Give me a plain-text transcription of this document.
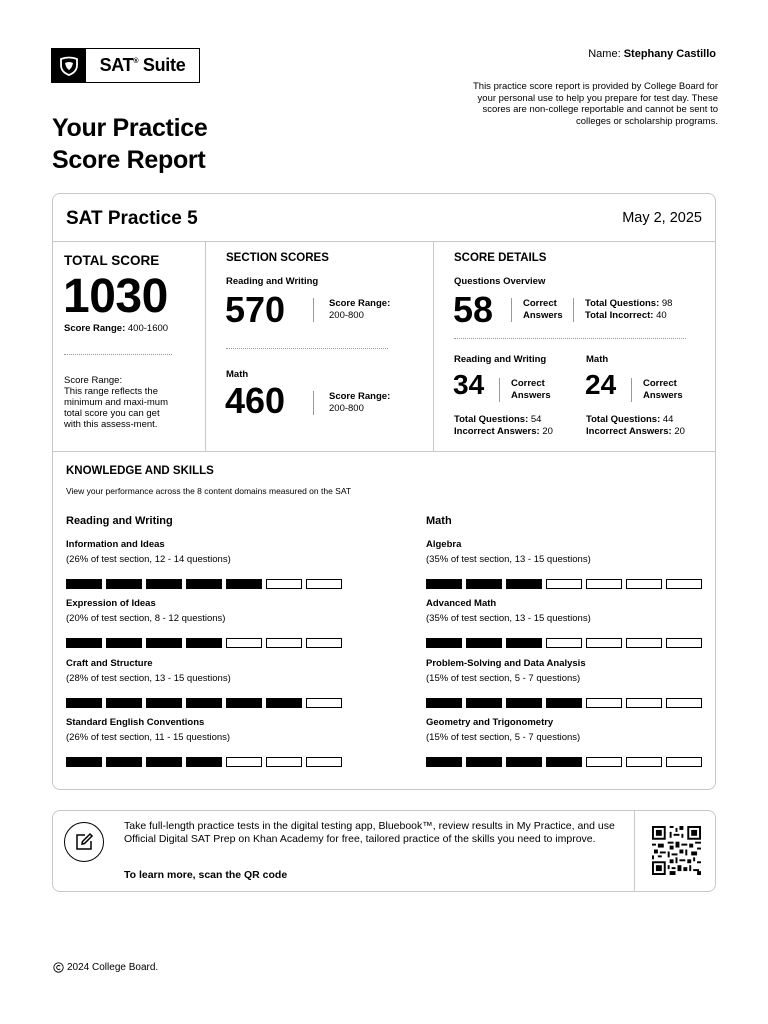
SAT®
Suite
Name: Stephany Castillo
This practice score report is provided by College Board for your personal use to help you prepare for test day. These scores are non-college reportable and cannot be sent to colleges or scholarship programs.
Your Practice
Score Report
SAT Practice 5	May 2, 2025
TOTAL SCORE
1030
Score Range: 400-1600
Score Range:
This range reflects the minimum and maxi-mum total score you can get with this assess-ment.
SECTION SCORES
Reading and Writing
570	Score Range:
200-800
Math
460	Score Range:
200-800
SCORE DETAILS
Questions Overview
58	Correct
Answers
Total Questions: 98
Total Incorrect: 40
Reading and Writing
34	Correct
Answers
Total Questions: 54
Incorrect Answers: 20
Math
24	Correct
Answers
Total Questions: 44
Incorrect Answers: 20
KNOWLEDGE AND SKILLS
View your performance across the 8 content domains measured on the SAT
Reading and Writing	Math
Information and Ideas
(26% of test section, 12 - 14 questions)
Expression of Ideas
(20% of test section, 8 - 12 questions)
Craft and Structure
(28% of test section, 13 - 15 questions)
Standard English Conventions
(26% of test section, 11 - 15 questions)
Algebra
(35% of test section, 13 - 15 questions)
Advanced Math
(35% of test section, 13 - 15 questions)
Problem-Solving and Data Analysis
(15% of test section, 5 - 7 questions)
Geometry and Trigonometry
(15% of test section, 5 - 7 questions)
Take full-length practice tests in the digital testing app, Bluebook™, review results in My Practice, and use Official Digital SAT Prep on Khan Academy for free, tailored practice of the skills you need to improve.
To learn more, scan the QR code
2024 College Board.
